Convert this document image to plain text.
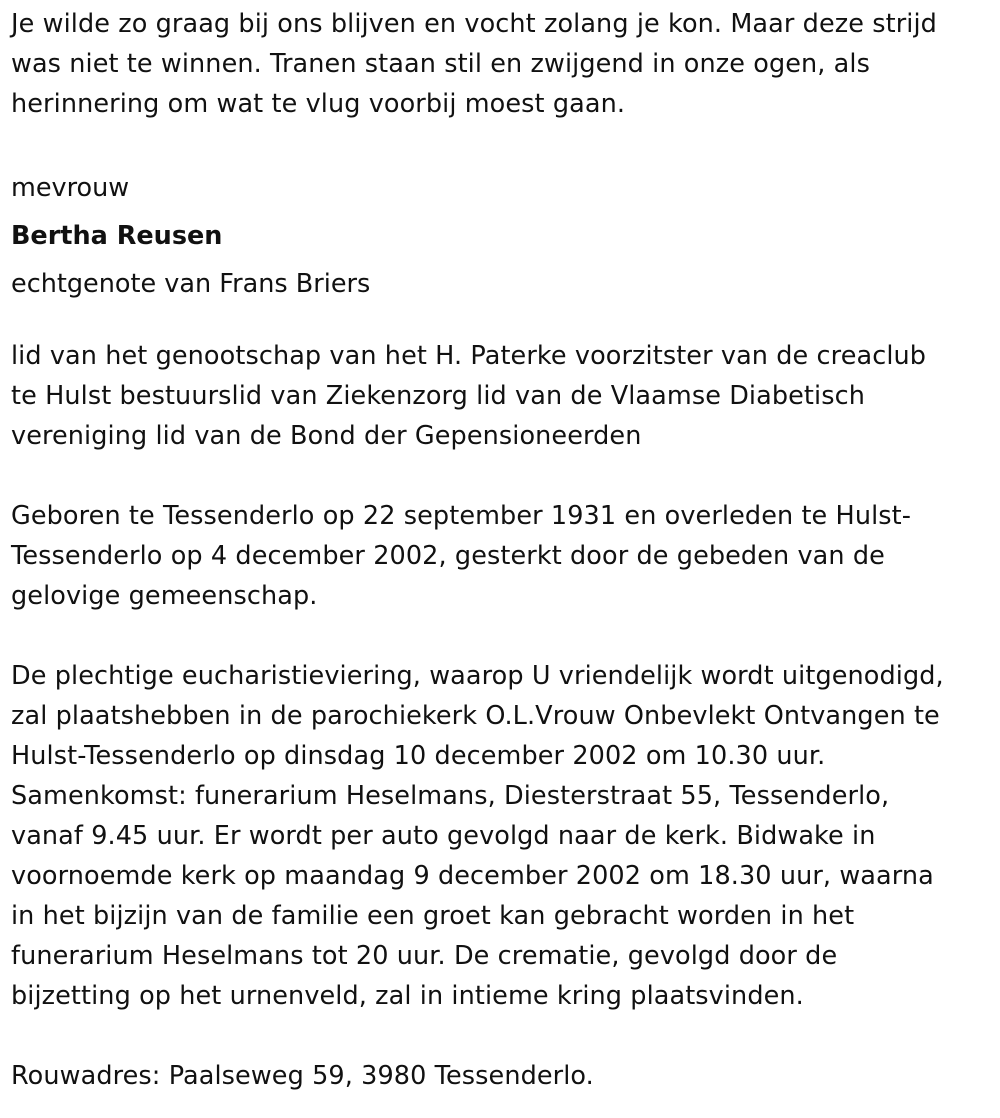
Je wilde zo graag bij ons blijven en vocht zolang je kon. Maar deze strijd
was niet te winnen. Tranen staan stil en zwijgend in onze ogen, als
herinnering om wat te vlug voorbij moest gaan.

mevrouw

Bertha Reusen

echtgenote van Frans Briers

lid van het genootschap van het H. Paterke voorzitster van de creaclub
te Hulst bestuurslid van Ziekenzorg lid van de Vlaamse Diabetisch
vereniging lid van de Bond der Gepensioneerden

Geboren te Tessenderlo op 22 september 1931 en overleden te Hulst-
Tessenderlo op 4 december 2002, gesterkt door de gebeden van de
gelovige gemeenschap.

De plechtige eucharistieviering, waarop U vriendelijk wordt uitgenodigd,
zal plaatshebben in de parochiekerk O.L.Vrouw Onbevlekt Ontvangen te
Hulst-Tessenderlo op dinsdag 10 december 2002 om 10.30 uur.
Samenkomst: funerarium Heselmans, Diesterstraat 55, Tessenderlo,
vanaf 9.45 uur. Er wordt per auto gevolgd naar de kerk. Bidwake in
voornoemde kerk op maandag 9 december 2002 om 18.30 uur, waarna
in het bijzijn van de familie een groet kan gebracht worden in het
funerarium Heselmans tot 20 uur. De crematie, gevolgd door de
bijzetting op het urnenveld, zal in intieme kring plaatsvinden.

Rouwadres: Paalseweg 59, 3980 Tessenderlo.
